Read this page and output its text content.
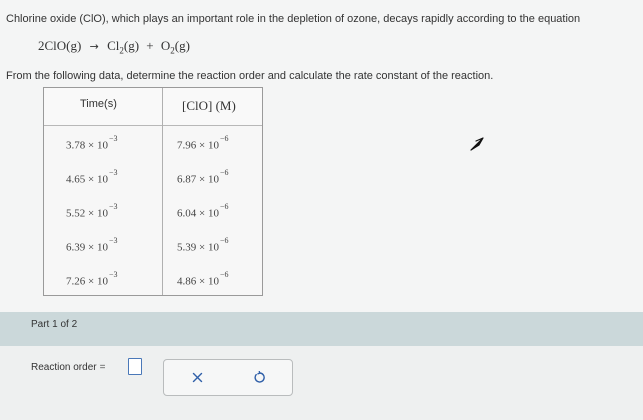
Chlorine oxide (ClO), which plays an important role in the depletion of ozone, decays rapidly according to the equation
$2ClO(g) \to Cl_2(g) + O_2(g)$
From the following data, determine the reaction order and calculate the rate constant of the reaction.
Time(s)	[ClO] (M)
$3.78 \times 10^{-3}$
$7.96 \times 10^{-6}$
$4.65 \times 10^{-3}$
$6.87 \times 10^{-6}$
$5.52 \times 10^{-3}$
$6.04 \times 10^{-6}$
$6.39 \times 10^{-3}$
$5.39 \times 10^{-6}$
$7.26 \times 10^{-3}$
$4.86 \times 10^{-6}$
Part 1 of 2
Reaction order =
